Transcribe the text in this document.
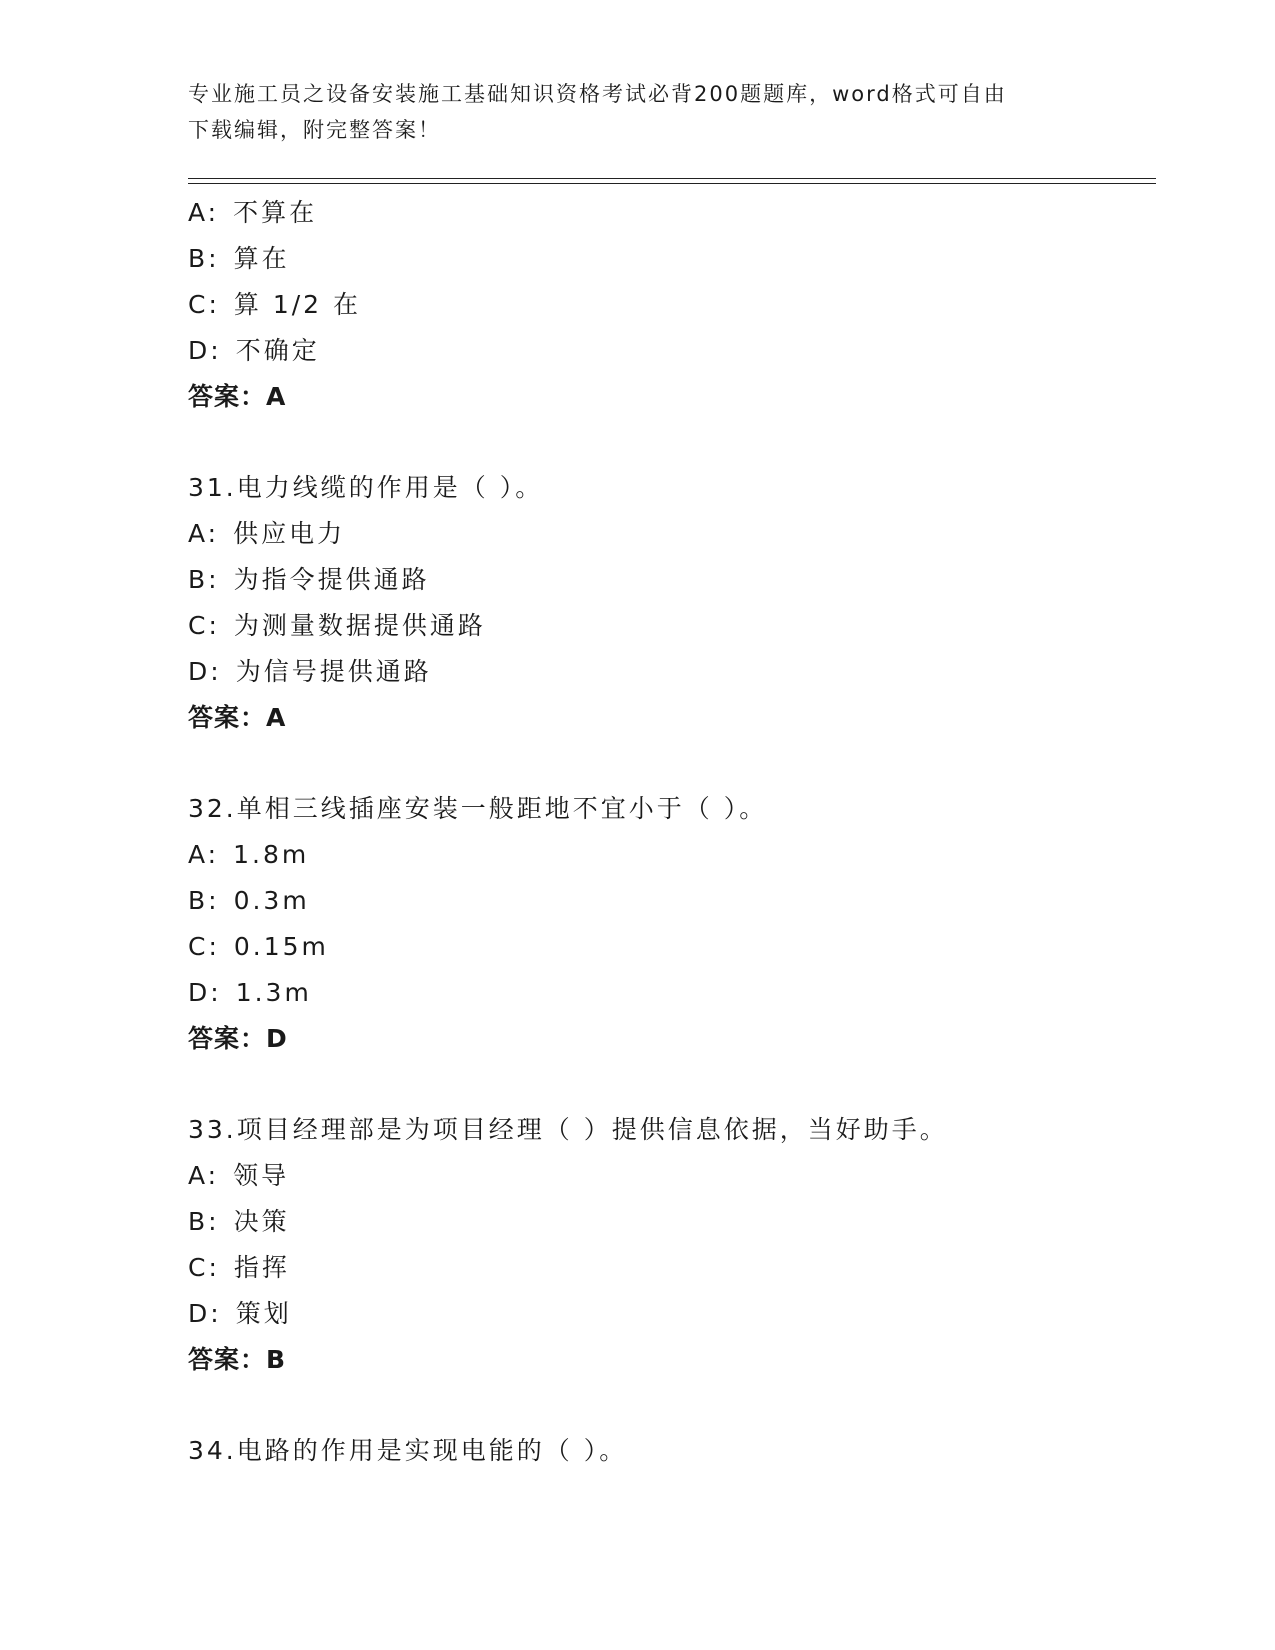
专业施工员之设备安装施工基础知识资格考试必背200题题库，word格式可自由
下载编辑，附完整答案！
A: 不算在
B: 算在
C: 算 1/2 在
D: 不确定
答案：A
31.电力线缆的作用是（ ）。
A: 供应电力
B: 为指令提供通路
C: 为测量数据提供通路
D: 为信号提供通路
答案：A
32.单相三线插座安装一般距地不宜小于（ ）。
A: 1.8m
B: 0.3m
C: 0.15m
D: 1.3m
答案：D
33.项目经理部是为项目经理（ ）提供信息依据，当好助手。
A: 领导
B: 决策
C: 指挥
D: 策划
答案：B
34.电路的作用是实现电能的（ ）。
